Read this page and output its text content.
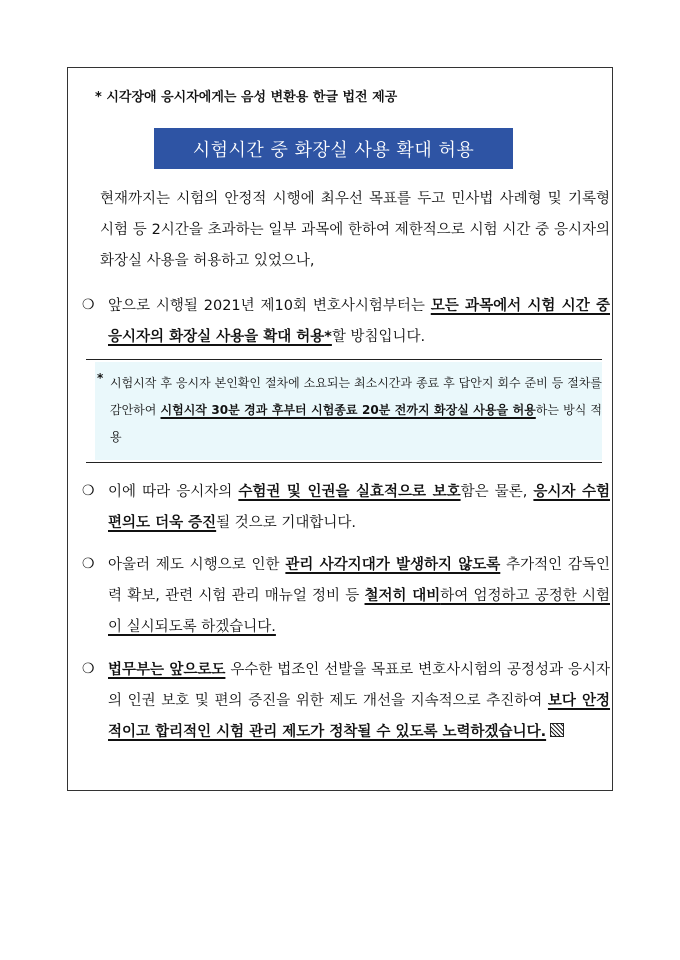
* 시각장애 응시자에게는 음성 변환용 한글 법전 제공
시험시간 중 화장실 사용 확대 허용
현재까지는 시험의 안정적 시행에 최우선 목표를 두고 민사법 사례형 및 기록형 시험 등 2시간을 초과하는 일부 과목에 한하여 제한적으로 시험 시간 중 응시자의 화장실 사용을 허용하고 있었으나,
❍ 앞으로 시행될 2021년 제10회 변호사시험부터는 모든 과목에서 시험 시간 중 응시자의 화장실 사용을 확대 허용*할 방침입니다.
* 시험시작 후 응시자 본인확인 절차에 소요되는 최소시간과 종료 후 답안지 회수 준비 등 절차를 감안하여 시험시작 30분 경과 후부터 시험종료 20분 전까지 화장실 사용을 허용하는 방식 적용
❍ 이에 따라 응시자의 수험권 및 인권을 실효적으로 보호함은 물론, 응시자 수험 편의도 더욱 증진될 것으로 기대합니다.
❍ 아울러 제도 시행으로 인한 관리 사각지대가 발생하지 않도록 추가적인 감독인력 확보, 관련 시험 관리 매뉴얼 정비 등 철저히 대비하여 엄정하고 공정한 시험이 실시되도록 하겠습니다.
❍ 법무부는 앞으로도 우수한 법조인 선발을 목표로 변호사시험의 공정성과 응시자의 인권 보호 및 편의 증진을 위한 제도 개선을 지속적으로 추진하여 보다 안정적이고 합리적인 시험 관리 제도가 정착될 수 있도록 노력하겠습니다.
